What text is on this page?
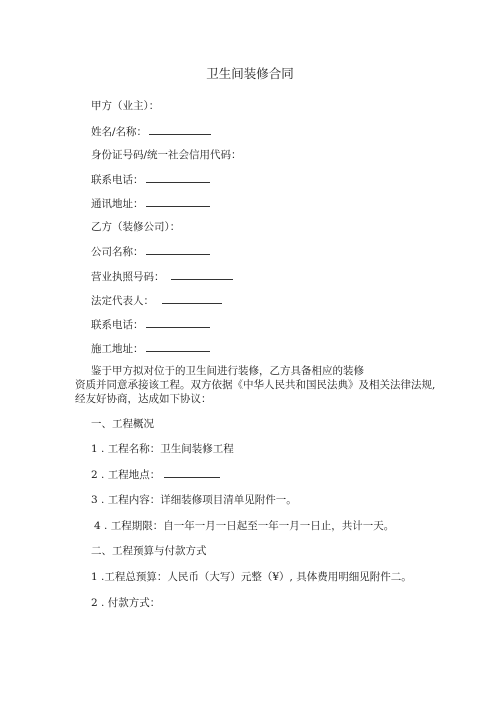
卫生间装修合同
甲方（业主）：
姓名/名称：
身份证号码/统一社会信用代码：
联系电话：
通讯地址：
乙方（装修公司）：
公司名称：
营业执照号码：
法定代表人：
联系电话：
施工地址：
鉴于甲方拟对位于的卫生间进行装修，乙方具备相应的装修
资质并同意承接该工程。双方依据《中华人民共和国民法典》及相关法律法规,
经友好协商，达成如下协议：
一、工程概况
1 . 工程名称：卫生间装修工程
2 . 工程地点：
3 . 工程内容：详细装修项目清单见附件一。
4 . 工程期限：自一年一月一日起至一年一月一日止，共计一天。
二、工程预算与付款方式
1 .工程总预算：人民币（大写）元整（¥）, 具体费用明细见附件二。
2 . 付款方式：
